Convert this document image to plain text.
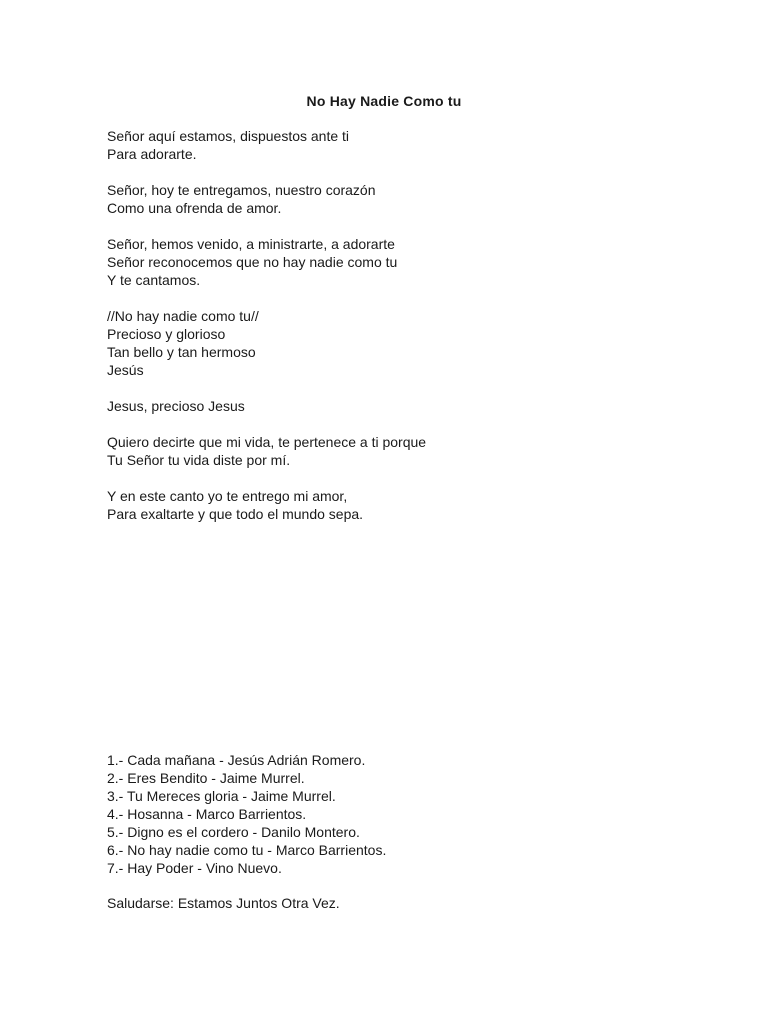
No Hay Nadie Como tu
Señor aquí estamos, dispuestos ante ti
Para adorarte.
Señor, hoy te entregamos, nuestro corazón
Como una ofrenda de amor.
Señor, hemos venido, a ministrarte, a adorarte
Señor reconocemos que no hay nadie como tu
Y te cantamos.
//No hay nadie como tu//
Precioso y glorioso
Tan bello y tan hermoso
Jesús
Jesus, precioso Jesus
Quiero decirte que mi vida, te pertenece a ti porque
Tu Señor tu vida diste por mí.
Y en este canto yo te entrego mi amor,
Para exaltarte y que todo el mundo sepa.
1.- Cada mañana - Jesús Adrián Romero.
2.- Eres Bendito - Jaime Murrel.
3.- Tu Mereces gloria - Jaime Murrel.
4.- Hosanna - Marco Barrientos.
5.- Digno es el cordero - Danilo Montero.
6.- No hay nadie como tu - Marco Barrientos.
7.- Hay Poder - Vino Nuevo.
Saludarse: Estamos Juntos Otra Vez.
